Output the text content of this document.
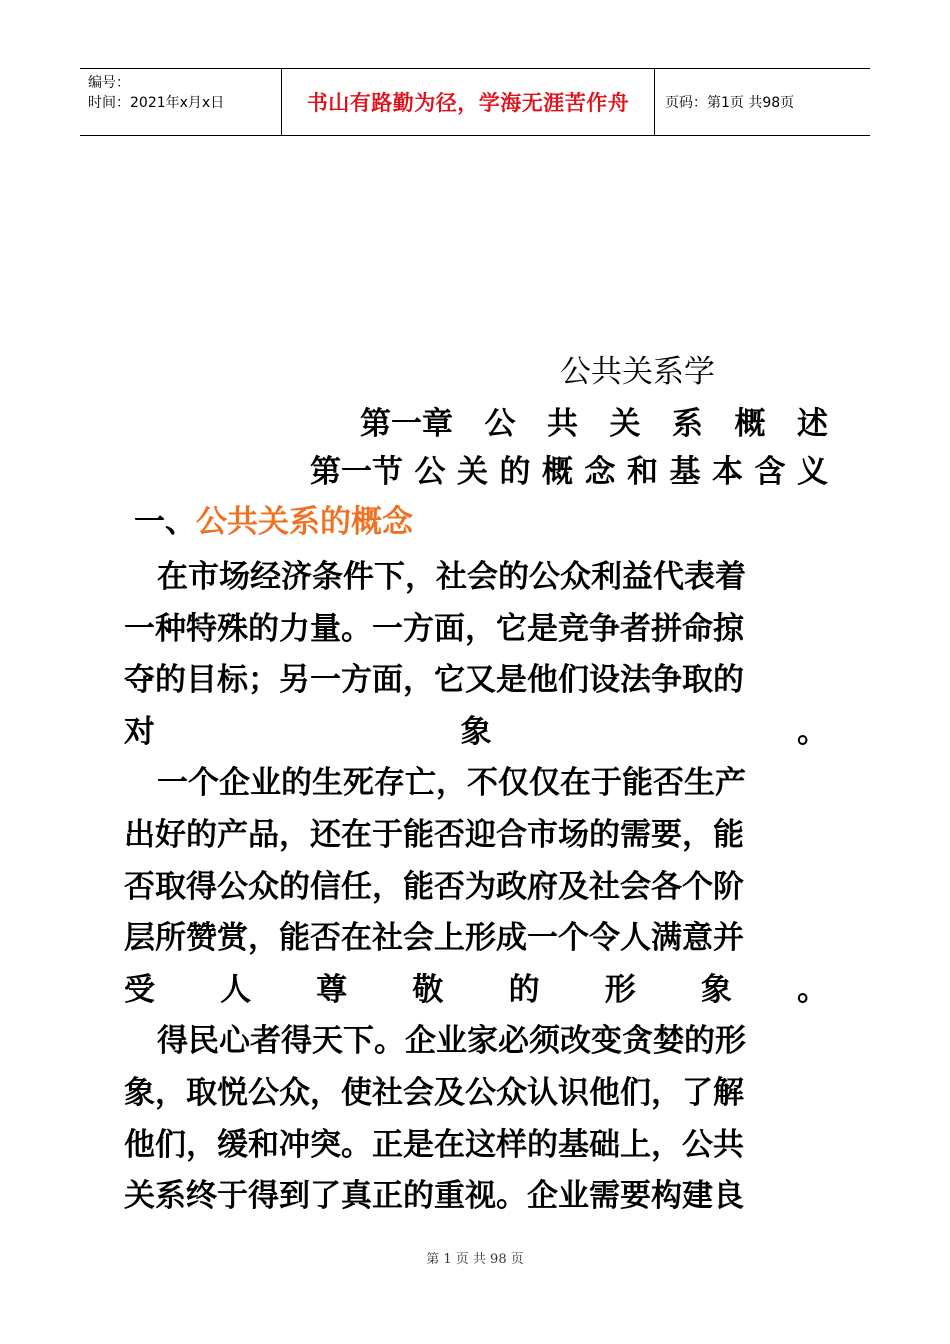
编号：
时间：2021年x月x日	书山有路勤为径，学海无涯苦作舟	页码：第1页 共98页
公共关系学
第一章 公 共 关 系 概 述
第一节 公 关 的 概 念 和 基 本 含 义
一、公共关系的概念
在市场经济条件下，社会的公众利益代表着
一种特殊的力量。一方面，它是竞争者拼命掠
夺的目标；另一方面，它又是他们设法争取的
对	象	。
一个企业的生死存亡，不仅仅在于能否生产
出好的产品，还在于能否迎合市场的需要，能
否取得公众的信任，能否为政府及社会各个阶
层所赞赏，能否在社会上形成一个令人满意并
受 人 尊 敬 的 形 象 。
得民心者得天下。企业家必须改变贪婪的形
象，取悦公众，使社会及公众认识他们，了解
他们，缓和冲突。正是在这样的基础上，公共
关系终于得到了真正的重视。企业需要构建良
第 1 页 共 98 页
